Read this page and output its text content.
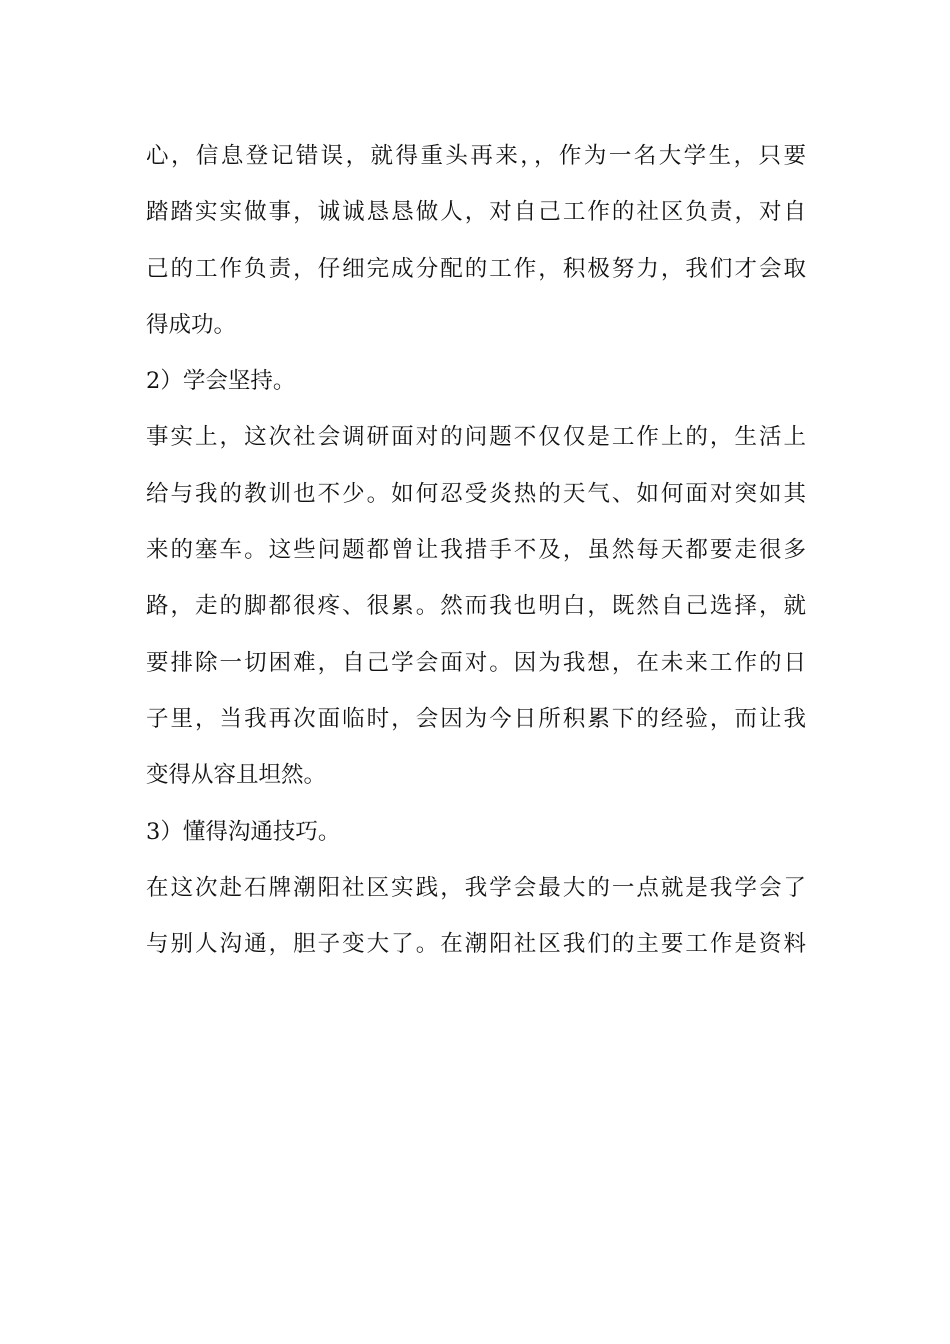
心，信息登记错误，就得重头再来，，作为一名大学生，只要
踏踏实实做事，诚诚恳恳做人，对自己工作的社区负责，对自
己的工作负责，仔细完成分配的工作，积极努力，我们才会取
得成功。
2）学会坚持。
事实上，这次社会调研面对的问题不仅仅是工作上的，生活上
给与我的教训也不少。如何忍受炎热的天气、如何面对突如其
来的塞车。这些问题都曾让我措手不及，虽然每天都要走很多
路，走的脚都很疼、很累。然而我也明白，既然自己选择，就
要排除一切困难，自己学会面对。因为我想，在未来工作的日
子里，当我再次面临时，会因为今日所积累下的经验，而让我
变得从容且坦然。
3）懂得沟通技巧。
在这次赴石牌潮阳社区实践，我学会最大的一点就是我学会了
与别人沟通，胆子变大了。在潮阳社区我们的主要工作是资料
